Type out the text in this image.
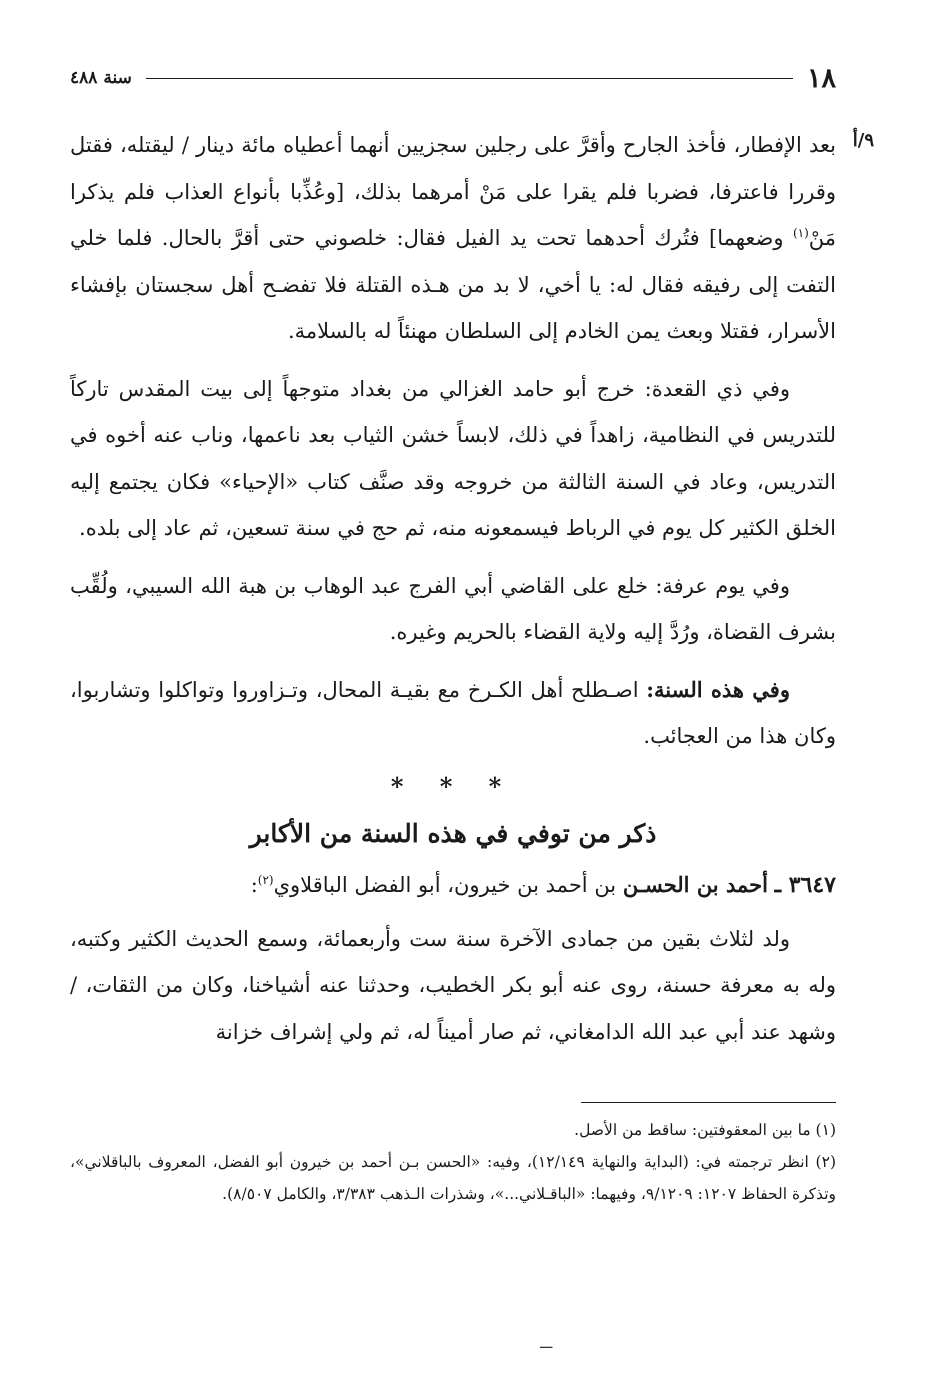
١٨
سنة ٤٨٨
٩/أ

بعد الإفطار، فأخذ الجارح وأقرَّ على رجلين سجزيين أنهما أعطياه مائة دينار / ليقتله، فقتل وقررا فاعترفا، فضربا فلم يقرا على مَنْ أمرهما بذلك، [وعُذِّبا بأنواع العذاب فلم يذكرا مَنْ$^{(١)}$ وضعهما] فتُرك أحدهما تحت يد الفيل فقال: خلصوني حتى أقرَّ بالحال. فلما خلي التفت إلى رفيقه فقال له: يا أخي، لا بد من هـذه القتلة فلا تفضـح أهل سجستان بإفشاء الأسرار، فقتلا وبعث يمن الخادم إلى السلطان مهنئاً له بالسلامة.

وفي ذي القعدة: خرج أبو حامد الغزالي من بغداد متوجهاً إلى بيت المقدس تاركاً للتدريس في النظامية، زاهداً في ذلك، لابساً خشن الثياب بعد ناعمها، وناب عنه أخوه في التدريس، وعاد في السنة الثالثة من خروجه وقد صنَّف كتاب «الإحياء» فكان يجتمع إليه الخلق الكثير كل يوم في الرباط فيسمعونه منه، ثم حج في سنة تسعين، ثم عاد إلى بلده.

وفي يوم عرفة: خلع على القاضي أبي الفرج عبد الوهاب بن هبة الله السيبي، ولُقِّب بشرف القضاة، ورُدَّ إليه ولاية القضاء بالحريم وغيره.

وفي هذه السنة: اصـطلح أهل الكـرخ مع بقيـة المحال، وتـزاوروا وتواكلوا وتشاربوا، وكان هذا من العجائب.

* * *
ذكر من توفي في هذه السنة من الأكابر

٣٦٤٧ ـ أحمد بن الحسـن بن أحمد بن خيرون، أبو الفضل الباقلاوي$^{(٢)}$:

ولد لثلاث بقين من جمادى الآخرة سنة ست وأربعمائة، وسمع الحديث الكثير وكتبه، وله به معرفة حسنة، روى عنه أبو بكر الخطيب، وحدثنا عنه أشياخنا، وكان من الثقات، / وشهد عند أبي عبد الله الدامغاني، ثم صار أميناً له، ثم ولي إشراف خزانة

(١) ما بين المعقوفتين: ساقط من الأصل.

(٢) انظر ترجمته في: (البداية والنهاية ١٢/١٤٩)، وفيه: «الحسن بـن أحمد بن خيرون أبو الفضل، المعروف بالباقلاني»، وتذكرة الحفاظ ١٢٠٧: ٩/١٢٠٩، وفيهما: «الباقـلاني...»، وشذرات الـذهب ٣/٣٨٣، والكامل ٨/٥٠٧).

ـــ
